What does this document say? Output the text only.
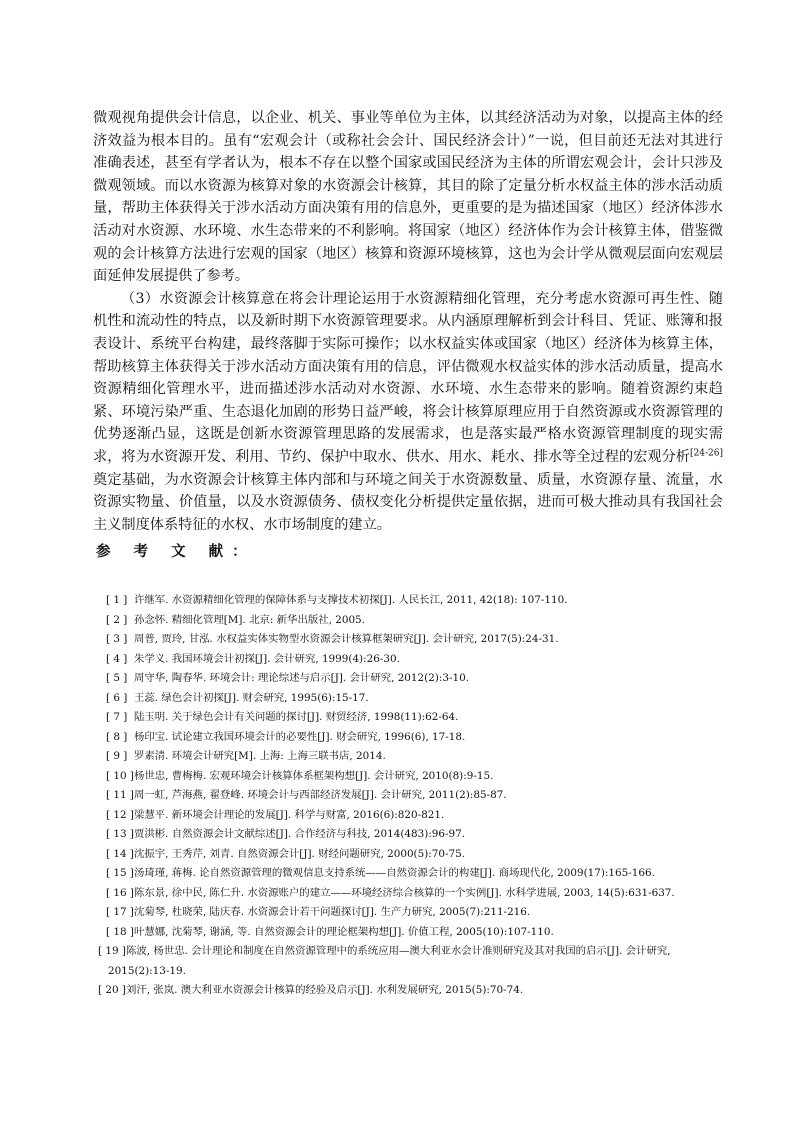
微观视角提供会计信息，以企业、机关、事业等单位为主体，以其经济活动为对象，以提高主体的经济效益为根本目的。虽有“宏观会计（或称社会会计、国民经济会计）”一说，但目前还无法对其进行准确表述，甚至有学者认为，根本不存在以整个国家或国民经济为主体的所谓宏观会计，会计只涉及微观领域。而以水资源为核算对象的水资源会计核算，其目的除了定量分析水权益主体的涉水活动质量，帮助主体获得关于涉水活动方面决策有用的信息外，更重要的是为描述国家（地区）经济体涉水活动对水资源、水环境、水生态带来的不利影响。将国家（地区）经济体作为会计核算主体，借鉴微观的会计核算方法进行宏观的国家（地区）核算和资源环境核算，这也为会计学从微观层面向宏观层面延伸发展提供了参考。

（3）水资源会计核算意在将会计理论运用于水资源精细化管理，充分考虑水资源可再生性、随机性和流动性的特点，以及新时期下水资源管理要求。从内涵原理解析到会计科目、凭证、账簿和报表设计、系统平台构建，最终落脚于实际可操作；以水权益实体或国家（地区）经济体为核算主体，帮助核算主体获得关于涉水活动方面决策有用的信息，评估微观水权益实体的涉水活动质量，提高水资源精细化管理水平，进而描述涉水活动对水资源、水环境、水生态带来的影响。随着资源约束趋紧、环境污染严重、生态退化加剧的形势日益严峻，将会计核算原理应用于自然资源或水资源管理的优势逐渐凸显，这既是创新水资源管理思路的发展需求，也是落实最严格水资源管理制度的现实需求，将为水资源开发、利用、节约、保护中取水、供水、用水、耗水、排水等全过程的宏观分析[24-26]奠定基础，为水资源会计核算主体内部和与环境之间关于水资源数量、质量，水资源存量、流量，水资源实物量、价值量，以及水资源债务、债权变化分析提供定量依据，进而可极大推动具有我国社会主义制度体系特征的水权、水市场制度的建立。

参 考 文 献：
[ 1 ] 许继军. 水资源精细化管理的保障体系与支撑技术初探[J]. 人民长江, 2011, 42(18): 107-110.
[ 2 ] 孙念怀. 精细化管理[M]. 北京: 新华出版社, 2005.
[ 3 ] 周普, 贾玲, 甘泓. 水权益实体实物型水资源会计核算框架研究[J]. 会计研究, 2017(5):24-31.
[ 4 ] 朱学义. 我国环境会计初探[J]. 会计研究, 1999(4):26-30.
[ 5 ] 周守华, 陶春华. 环境会计: 理论综述与启示[J]. 会计研究, 2012(2):3-10.
[ 6 ] 王蕊. 绿色会计初探[J]. 财会研究, 1995(6):15-17.
[ 7 ] 陆玉明. 关于绿色会计有关问题的探讨[J]. 财贸经济, 1998(11):62-64.
[ 8 ] 杨印宝. 试论建立我国环境会计的必要性[J]. 财会研究, 1996(6), 17-18.
[ 9 ] 罗素清. 环境会计研究[M]. 上海: 上海三联书店, 2014.
[ 10 ]杨世忠, 曹梅梅. 宏观环境会计核算体系框架构想[J]. 会计研究, 2010(8):9-15.
[ 11 ]周一虹, 芦海燕, 翟登峰. 环境会计与西部经济发展[J]. 会计研究, 2011(2):85-87.
[ 12 ]梁慧平. 新环境会计理论的发展[J]. 科学与财富, 2016(6):820-821.
[ 13 ]贾洪彬. 自然资源会计文献综述[J]. 合作经济与科技, 2014(483):96-97.
[ 14 ]沈振宇, 王秀芹, 刘青. 自然资源会计[J]. 财经问题研究, 2000(5):70-75.
[ 15 ]汤琦瑾, 蒋梅. 论自然资源管理的微观信息支持系统——自然资源会计的构建[J]. 商场现代化, 2009(17):165-166.
[ 16 ]陈东景, 徐中民, 陈仁升. 水资源账户的建立——环境经济综合核算的一个实例[J]. 水科学进展, 2003, 14(5):631-637.
[ 17 ]沈菊琴, 杜晓荣, 陆庆春. 水资源会计若干问题探讨[J]. 生产力研究, 2005(7):211-216.
[ 18 ]叶慧娜, 沈菊琴, 谢涵, 等. 自然资源会计的理论框架构想[J]. 价值工程, 2005(10):107-110.
[ 19 ]陈波, 杨世忠. 会计理论和制度在自然资源管理中的系统应用—澳大利亚水会计准则研究及其对我国的启示[J]. 会计研究,
2015(2):13-19.
[ 20 ]刘汗, 张岚. 澳大利亚水资源会计核算的经验及启示[J]. 水利发展研究, 2015(5):70-74.
